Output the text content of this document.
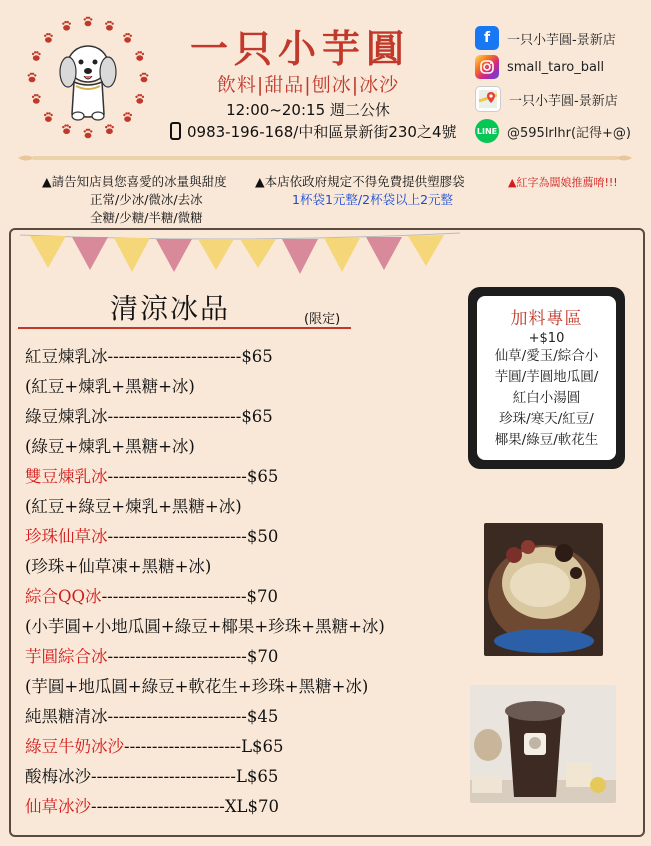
一只小芋圓
飲料|甜品|刨冰|冰沙
12:00~20:15 週二公休
0983-196-168/中和區景新街230之4號
f	一只小芋圓-景新店
small_taro_ball
一只小芋圓-景新店
LINE @595lrlhr(記得+@)
▲請告知店員您喜愛的冰量與甜度
正常/少冰/微冰/去冰
全糖/少糖/半糖/微糖
▲本店依政府規定不得免費提供塑膠袋
1杯袋1元整/2杯袋以上2元整
▲紅字為闆娘推薦唷!!!
清涼冰品	(限定)
紅豆煉乳冰------------------------$65
(紅豆+煉乳+黑糖+冰)
綠豆煉乳冰------------------------$65
(綠豆+煉乳+黑糖+冰)
雙豆煉乳冰-------------------------$65
(紅豆+綠豆+煉乳+黑糖+冰)
珍珠仙草冰-------------------------$50
(珍珠+仙草凍+黑糖+冰)
綜合QQ冰--------------------------$70
(小芋圓+小地瓜圓+綠豆+椰果+珍珠+黑糖+冰)
芋圓綜合冰-------------------------$70
(芋圓+地瓜圓+綠豆+軟花生+珍珠+黑糖+冰)
純黑糖清冰-------------------------$45
綠豆牛奶冰沙---------------------L$65
酸梅冰沙--------------------------L$65
仙草冰沙------------------------XL$70
加料專區
+$10
仙草/愛玉/綜合小
芋圓/芋圓地瓜圓/
紅白小湯圓
珍珠/寒天/紅豆/
椰果/綠豆/軟花生
